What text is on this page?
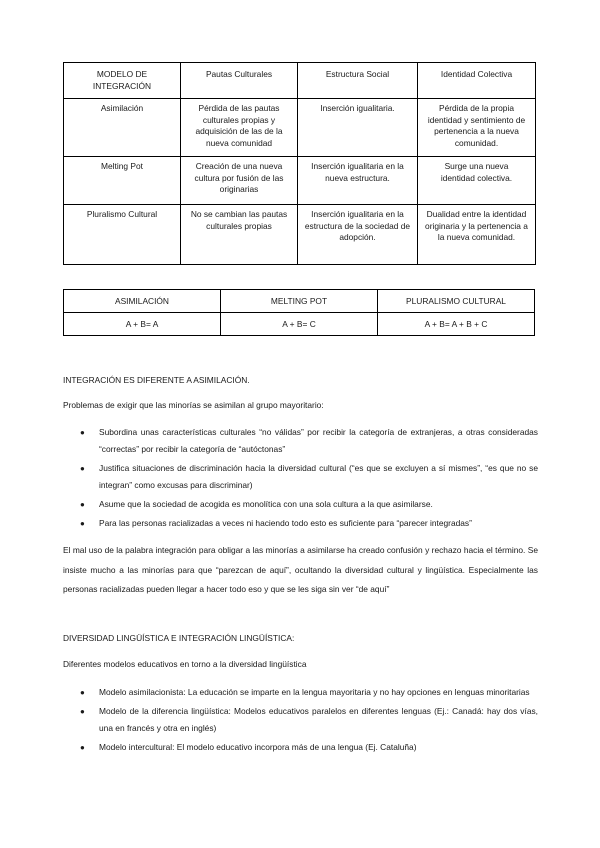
MODELO DE INTEGRACIÓN	Pautas Culturales	Estructura Social	Identidad Colectiva
Asimilación	Pérdida de las pautas culturales propias y adquisición de las de la nueva comunidad	Inserción igualitaria.	Pérdida de la propia identidad y sentimiento de pertenencia a la nueva comunidad.
Melting Pot	Creación de una nueva cultura por fusión de las originarias	Inserción igualitaria en la nueva estructura.	Surge una nueva identidad colectiva.
Pluralismo Cultural	No se cambian las pautas culturales propias	Inserción igualitaria en la estructura de la sociedad de adopción.	Dualidad entre la identidad originaria y la pertenencia a la nueva comunidad.
ASIMILACIÓN	MELTING POT	PLURALISMO CULTURAL
A + B= A	A + B= C	A + B= A + B + C
INTEGRACIÓN ES DIFERENTE A ASIMILACIÓN.
Problemas de exigir que las minorías se asimilan al grupo mayoritario:
● Subordina unas características culturales “no válidas” por recibir la categoría de extranjeras, a otras consideradas “correctas” por recibir la categoría de “autóctonas”
● Justifica situaciones de discriminación hacia la diversidad cultural (“es que se excluyen a sí mismes”, “es que no se integran” como excusas para discriminar)
● Asume que la sociedad de acogida es monolítica con una sola cultura a la que asimilarse.
● Para las personas racializadas a veces ni haciendo todo esto es suficiente para “parecer integradas”
El mal uso de la palabra integración para obligar a las minorías a asimilarse ha creado confusión y rechazo hacia el término. Se insiste mucho a las minorías para que “parezcan de aquí”, ocultando la diversidad cultural y lingüística. Especialmente las personas racializadas pueden llegar a hacer todo eso y que se les siga sin ver “de aquí”
DIVERSIDAD LINGÜÍSTICA E INTEGRACIÓN LINGÜÍSTICA:
Diferentes modelos educativos en torno a la diversidad lingüística
● Modelo asimilacionista: La educación se imparte en la lengua mayoritaria y no hay opciones en lenguas minoritarias
● Modelo de la diferencia lingüística: Modelos educativos paralelos en diferentes lenguas (Ej.: Canadá: hay dos vías, una en francés y otra en inglés)
● Modelo intercultural: El modelo educativo incorpora más de una lengua (Ej. Cataluña)
